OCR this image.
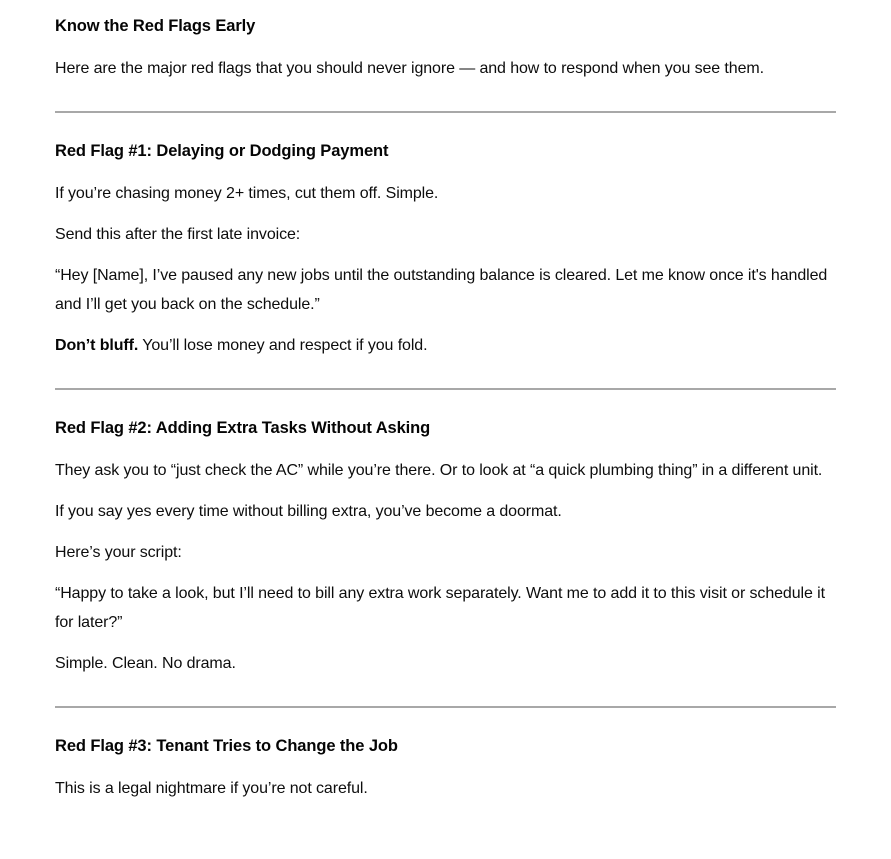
Know the Red Flags Early

Here are the major red flags that you should never ignore — and how to respond when you see them.

Red Flag #1: Delaying or Dodging Payment

If you’re chasing money 2+ times, cut them off. Simple.

Send this after the first late invoice:

“Hey [Name], I’ve paused any new jobs until the outstanding balance is cleared. Let me know once it's handled and I’ll get you back on the schedule.”

Don’t bluff. You’ll lose money and respect if you fold.

Red Flag #2: Adding Extra Tasks Without Asking

They ask you to “just check the AC” while you’re there. Or to look at “a quick plumbing thing” in a different unit.

If you say yes every time without billing extra, you’ve become a doormat.

Here’s your script:

“Happy to take a look, but I’ll need to bill any extra work separately. Want me to add it to this visit or schedule it for later?”

Simple. Clean. No drama.

Red Flag #3: Tenant Tries to Change the Job

This is a legal nightmare if you’re not careful.
